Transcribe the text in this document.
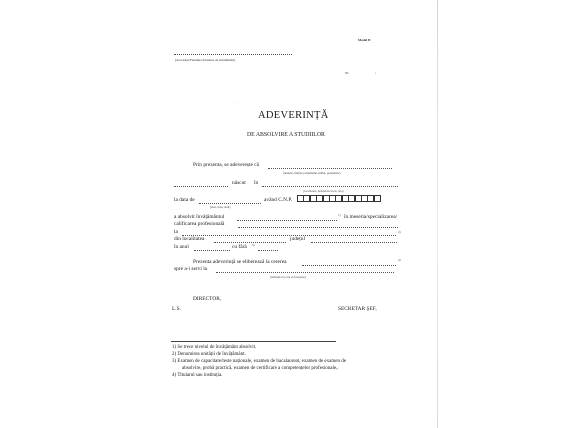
Model B
(Asociația/Fundația/Unitatea de învățământ)
Nr.	/
.
ADEVERINȚĂ
DE ABSOLVIRE A STUDIILOR
Prin prezenta, se adeverește că
(numele, inițiala prenumelui tatălui, prenumele)
născut în
(localitatea, județul/sectorul, țara)
la data de	având C.N.P.
(ziua, luna, anul)
a absolvit învățământul	1) în meseria/specializarea/
calificarea profesională
la	2)
din localitatea	județul
în anul	cu fără 3)
Prezenta adeverință se eliberează la cererea	4)
spre a-i servi la
(instituția la care se folosește)
DIRECTOR,
L.S.	SECRETAR ȘEF,
1) Se trece nivelul de învățământ absolvit.
2) Denumirea unității de învățământ.
3) Examen de capacitate/teste naționale, examen de bacalaureat, examen de examen de
absolvire, probă practică, examen de certificare a competențelor profesionale,.
4) Titularul sau instituția.
